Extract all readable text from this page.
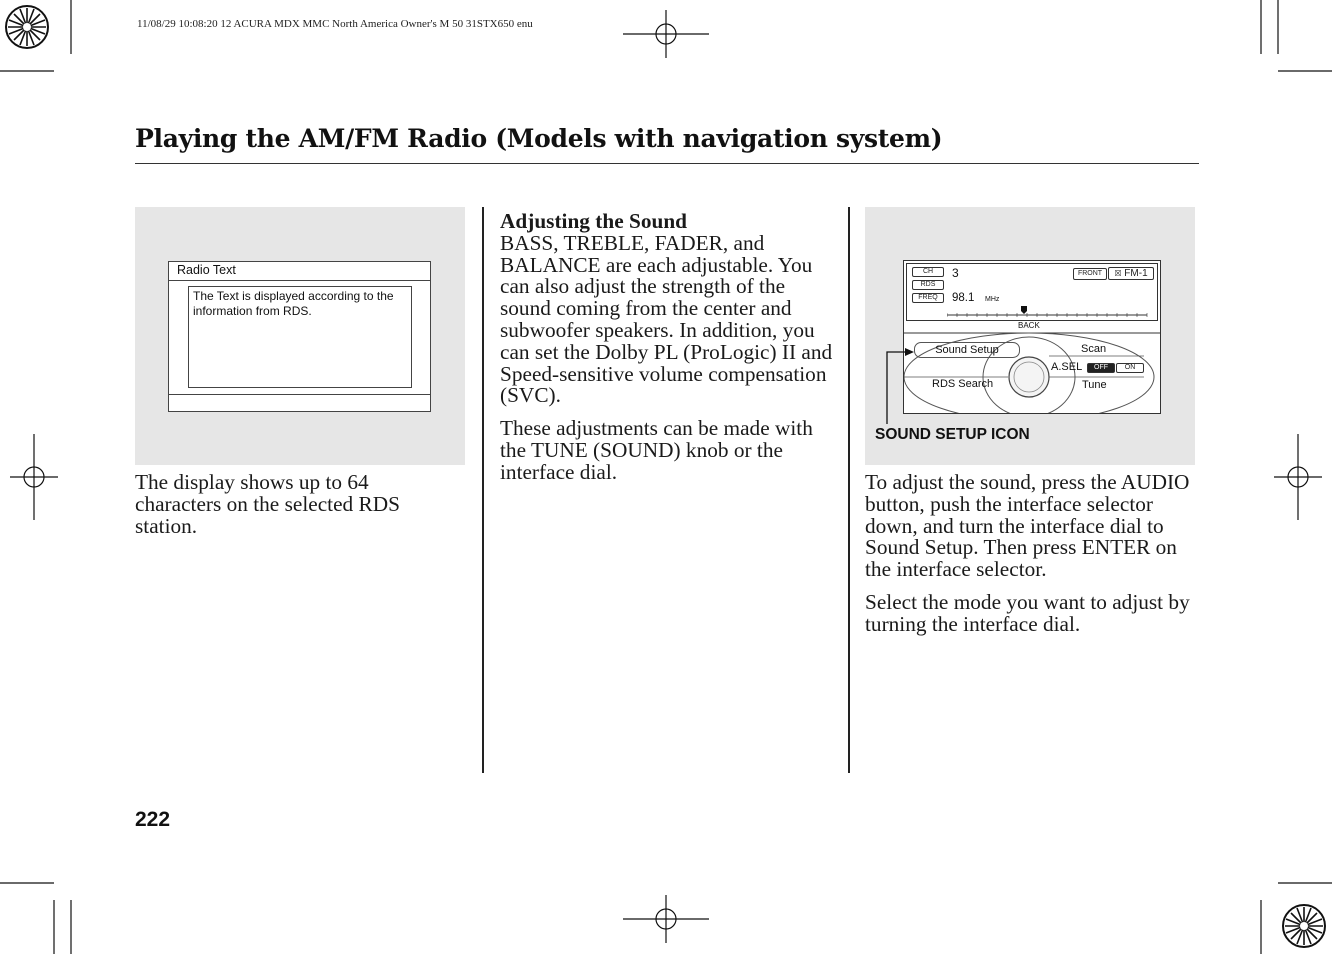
11/08/29 10:08:20 12 ACURA MDX MMC North America Owner's M 50 31STX650 enu
Playing the AM/FM Radio (Models with navigation system)
Radio Text
The Text is displayed according to the information from RDS.

The display shows up to 64 characters on the selected RDS station.

Adjusting the Sound
BASS, TREBLE, FADER, and BALANCE are each adjustable. You can also adjust the strength of the sound coming from the center and subwoofer speakers. In addition, you can set the Dolby PL (ProLogic) II and Speed-sensitive volume compensation (SVC).

These adjustments can be made with the TUNE (SOUND) knob or the interface dial.

CH
RDS
FREQ
3
98.1 MHz
FRONT	☒ FM-1
BACK
Sound Setup	Scan
A.SEL	OFF	ON
RDS Search	Tune
SOUND SETUP ICON

To adjust the sound, press the AUDIO button, push the interface selector down, and turn the interface dial to Sound Setup. Then press ENTER on the interface selector.

Select the mode you want to adjust by turning the interface dial.

222
